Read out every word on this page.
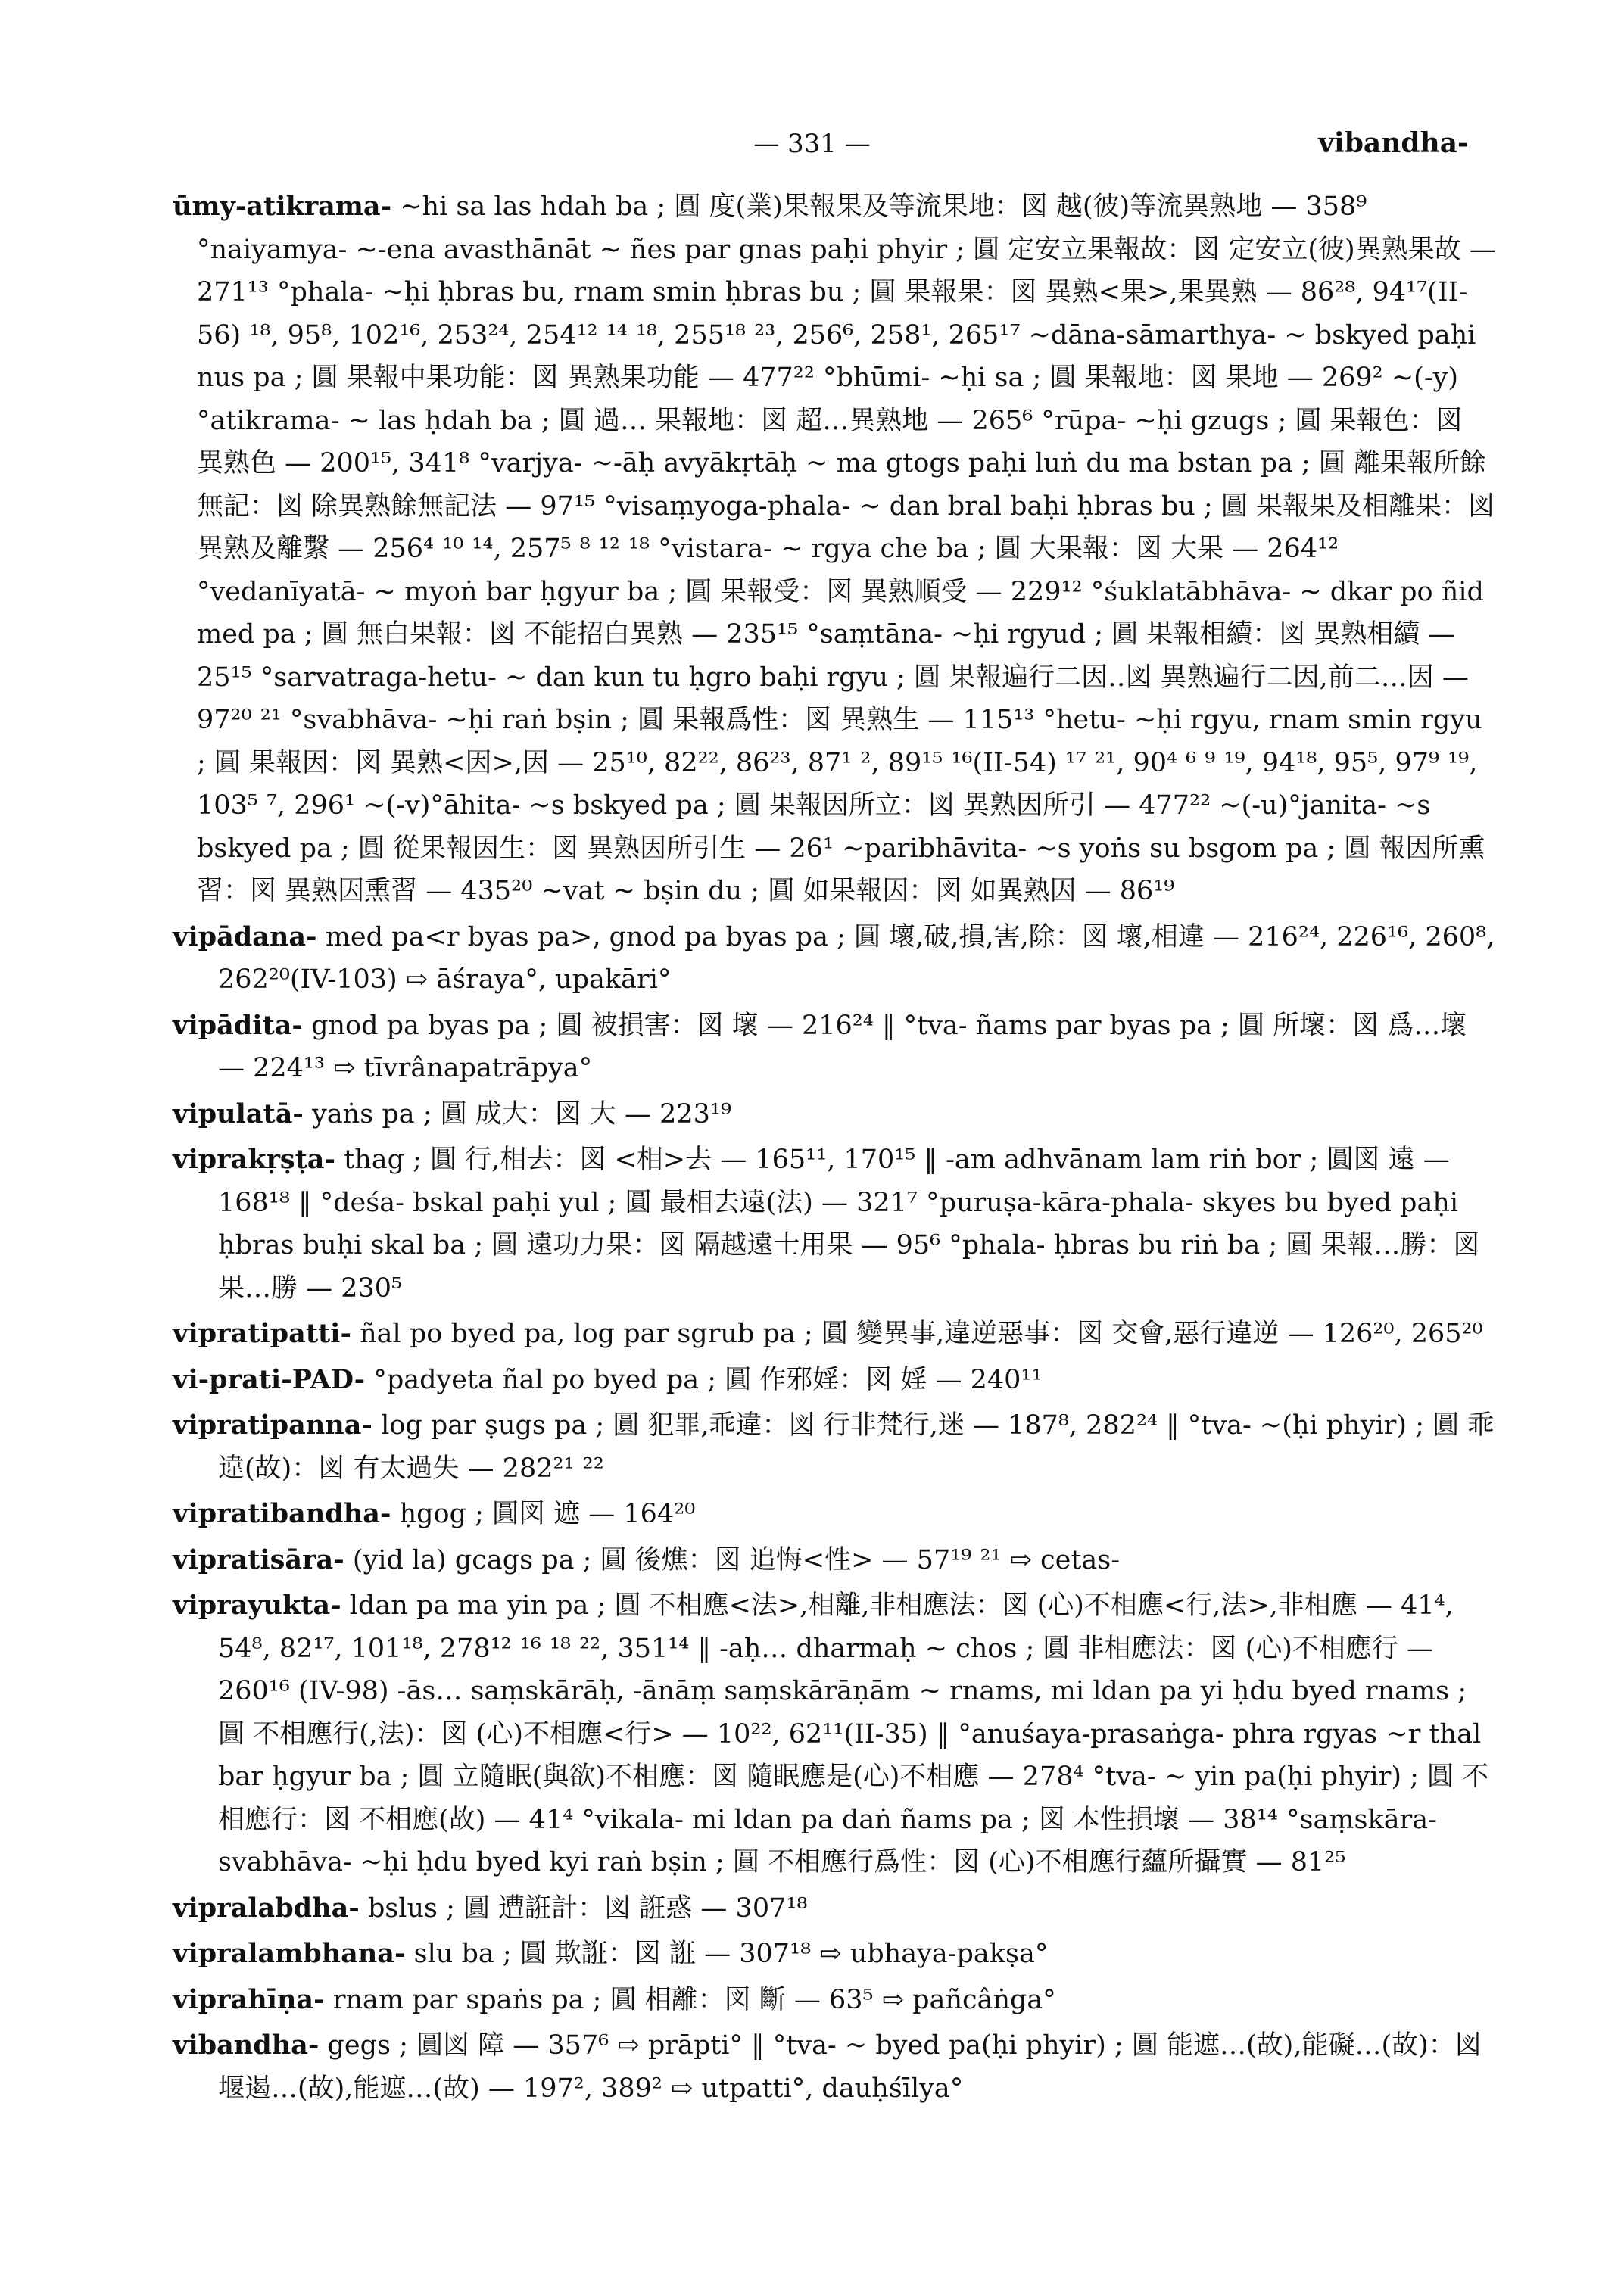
— 331 —	vibandha-
ūmy-atikrama- ~hi sa las hdah ba ; 圓 度(業)果報果及等流果地：図 越(彼)等流異熟地 — 358⁹ °naiyamya- ~-ena avasthānāt ~ ñes par gnas paḥi phyir ; 圓 定安立果報故：図 定安立(彼)異熟果故 — 271¹³ °phala- ~ḥi ḥbras bu, rnam smin ḥbras bu ; 圓 果報果：図 異熟<果>,果異熟 — 86²⁸, 94¹⁷(II-56) ¹⁸, 95⁸, 102¹⁶, 253²⁴, 254¹² ¹⁴ ¹⁸, 255¹⁸ ²³, 256⁶, 258¹, 265¹⁷ ~dāna-sāmarthya- ~ bskyed paḥi nus pa ; 圓 果報中果功能：図 異熟果功能 — 477²² °bhūmi- ~ḥi sa ; 圓 果報地：図 果地 — 269² ~(-y)°atikrama- ~ las ḥdah ba ; 圓 過… 果報地：図 超…異熟地 — 265⁶ °rūpa- ~ḥi gzugs ; 圓 果報色：図 異熟色 — 200¹⁵, 341⁸ °varjya- ~-āḥ avyākṛtāḥ ~ ma gtogs paḥi luṅ du ma bstan pa ; 圓 離果報所餘無記：図 除異熟餘無記法 — 97¹⁵ °visaṃyoga-phala- ~ dan bral baḥi ḥbras bu ; 圓 果報果及相離果：図 異熟及離繫 — 256⁴ ¹⁰ ¹⁴, 257⁵ ⁸ ¹² ¹⁸ °vistara- ~ rgya che ba ; 圓 大果報：図 大果 — 264¹² °vedanīyatā- ~ myoṅ bar ḥgyur ba ; 圓 果報受：図 異熟順受 — 229¹² °śuklatābhāva- ~ dkar po ñid med pa ; 圓 無白果報：図 不能招白異熟 — 235¹⁵ °saṃtāna- ~ḥi rgyud ; 圓 果報相續：図 異熟相續 — 25¹⁵ °sarvatraga-hetu- ~ dan kun tu ḥgro baḥi rgyu ; 圓 果報遍行二因‥図 異熟遍行二因,前二…因 — 97²⁰ ²¹ °svabhāva- ~ḥi raṅ bṣin ; 圓 果報爲性：図 異熟生 — 115¹³ °hetu- ~ḥi rgyu, rnam smin rgyu ; 圓 果報因：図 異熟<因>,因 — 25¹⁰, 82²², 86²³, 87¹ ², 89¹⁵ ¹⁶(II-54) ¹⁷ ²¹, 90⁴ ⁶ ⁹ ¹⁹, 94¹⁸, 95⁵, 97⁹ ¹⁹, 103⁵ ⁷, 296¹ ~(-v)°āhita- ~s bskyed pa ; 圓 果報因所立：図 異熟因所引 — 477²² ~(-u)°janita- ~s bskyed pa ; 圓 從果報因生：図 異熟因所引生 — 26¹ ~paribhāvita- ~s yoṅs su bsgom pa ; 圓 報因所熏習：図 異熟因熏習 — 435²⁰ ~vat ~ bṣin du ; 圓 如果報因：図 如異熟因 — 86¹⁹
vipādana- med pa<r byas pa>, gnod pa byas pa ; 圓 壞,破,損,害,除：図 壞,相違 — 216²⁴, 226¹⁶, 260⁸, 262²⁰(IV-103) ⇨ āśraya°, upakāri°
vipādita- gnod pa byas pa ; 圓 被損害：図 壞 — 216²⁴ ‖ °tva- ñams par byas pa ; 圓 所壞：図 爲…壞 — 224¹³ ⇨ tīvrânapatrāpya°
vipulatā- yaṅs pa ; 圓 成大：図 大 — 223¹⁹
viprakṛṣṭa- thag ; 圓 行,相去：図 <相>去 — 165¹¹, 170¹⁵ ‖ -am adhvānam lam riṅ bor ; 圓図 遠 — 168¹⁸ ‖ °deśa- bskal paḥi yul ; 圓 最相去遠(法) — 321⁷ °puruṣa-kāra-phala- skyes bu byed paḥi ḥbras buḥi skal ba ; 圓 遠功力果：図 隔越遠士用果 — 95⁶ °phala- ḥbras bu riṅ ba ; 圓 果報…勝：図 果…勝 — 230⁵
vipratipatti- ñal po byed pa, log par sgrub pa ; 圓 變異事,違逆惡事：図 交會,惡行違逆 — 126²⁰, 265²⁰
vi-prati-PAD- °padyeta ñal po byed pa ; 圓 作邪婬：図 婬 — 240¹¹
vipratipanna- log par ṣugs pa ; 圓 犯罪,乖違：図 行非梵行,迷 — 187⁸, 282²⁴ ‖ °tva- ~(ḥi phyir) ; 圓 乖違(故)：図 有太過失 — 282²¹ ²²
vipratibandha- ḥgog ; 圓図 遮 — 164²⁰
vipratisāra- (yid la) gcags pa ; 圓 後燋：図 追悔<性> — 57¹⁹ ²¹ ⇨ cetas-
viprayukta- ldan pa ma yin pa ; 圓 不相應<法>,相離,非相應法：図 (心)不相應<行,法>,非相應 — 41⁴, 54⁸, 82¹⁷, 101¹⁸, 278¹² ¹⁶ ¹⁸ ²², 351¹⁴ ‖ -aḥ… dharmaḥ ~ chos ; 圓 非相應法：図 (心)不相應行 — 260¹⁶ (IV-98) -ās… saṃskārāḥ, -ānāṃ saṃskārāṇām ~ rnams, mi ldan pa yi ḥdu byed rnams ; 圓 不相應行(,法)：図 (心)不相應<行> — 10²², 62¹¹(II-35) ‖ °anuśaya-prasaṅga- phra rgyas ~r thal bar ḥgyur ba ; 圓 立隨眠(與欲)不相應：図 隨眠應是(心)不相應 — 278⁴ °tva- ~ yin pa(ḥi phyir) ; 圓 不相應行：図 不相應(故) — 41⁴ °vikala- mi ldan pa daṅ ñams pa ; 図 本性損壞 — 38¹⁴ °saṃskāra-svabhāva- ~ḥi ḥdu byed kyi raṅ bṣin ; 圓 不相應行爲性：図 (心)不相應行蘊所攝實 — 81²⁵
vipralabdha- bslus ; 圓 遭誑計：図 誑惑 — 307¹⁸
vipralambhana- slu ba ; 圓 欺誑：図 誑 — 307¹⁸ ⇨ ubhaya-pakṣa°
viprahīṇa- rnam par spaṅs pa ; 圓 相離：図 斷 — 63⁵ ⇨ pañcâṅga°
vibandha- gegs ; 圓図 障 — 357⁶ ⇨ prāpti° ‖ °tva- ~ byed pa(ḥi phyir) ; 圓 能遮…(故),能礙…(故)：図 堰遏…(故),能遮…(故) — 197², 389² ⇨ utpatti°, dauḥśīlya°
